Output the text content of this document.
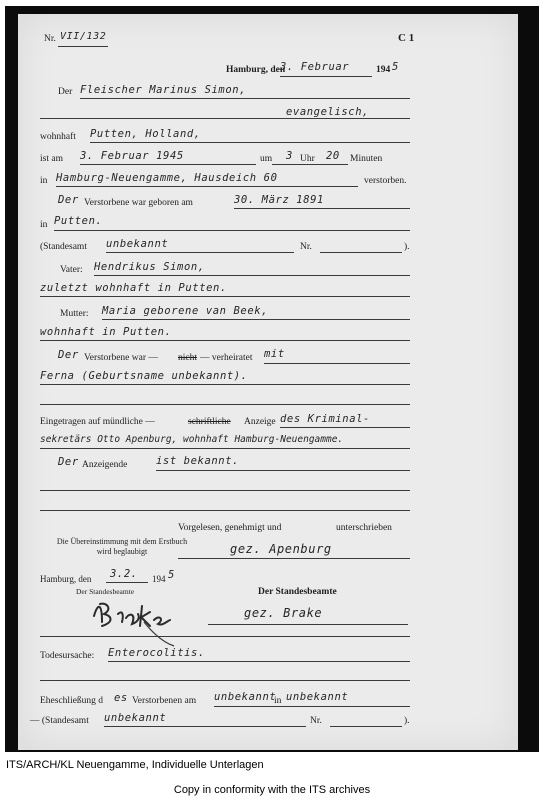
Nr. VII/132	C 1
Hamburg, den
3. Februar	194 5
Der Fleischer Marinus Simon,
evangelisch,
wohnhaft Putten, Holland,
ist am 3. Februar 1945	um 3 Uhr 20 Minuten
in Hamburg-Neuengamme, Hausdeich 60	verstorben.
Der Verstorbene war geboren am	30. März 1891
in Putten.
(Standesamt unbekannt	Nr.	).
Vater: Hendrikus Simon,
zuletzt wohnhaft in Putten.
Mutter: Maria geborene van Beek,
wohnhaft in Putten.
Der Verstorbene war — nicht — verheiratet mit
Ferna (Geburtsname unbekannt).
Eingetragen auf mündliche —	schriftliche Anzeige des Kriminal-
sekretärs Otto Apenburg, wohnhaft Hamburg-Neuengamme.
Der Anzeigende	ist bekannt.
Vorgelesen, genehmigt und	unterschrieben
gez. Apenburg
Die Übereinstimmung mit dem Erstbuch wird beglaubigt
Hamburg, den 3.2. 194 5
Der Standesbeamte	Der Standesbeamte
gez. Brake
Todesursache: Enterocolitis.
Eheschließung d es Verstorbenen am unbekannt
in unbekannt
— (Standesamt unbekannt	Nr.	).
ITS/ARCH/KL Neuengamme, Individuelle Unterlagen
Copy in conformity with the ITS archives
